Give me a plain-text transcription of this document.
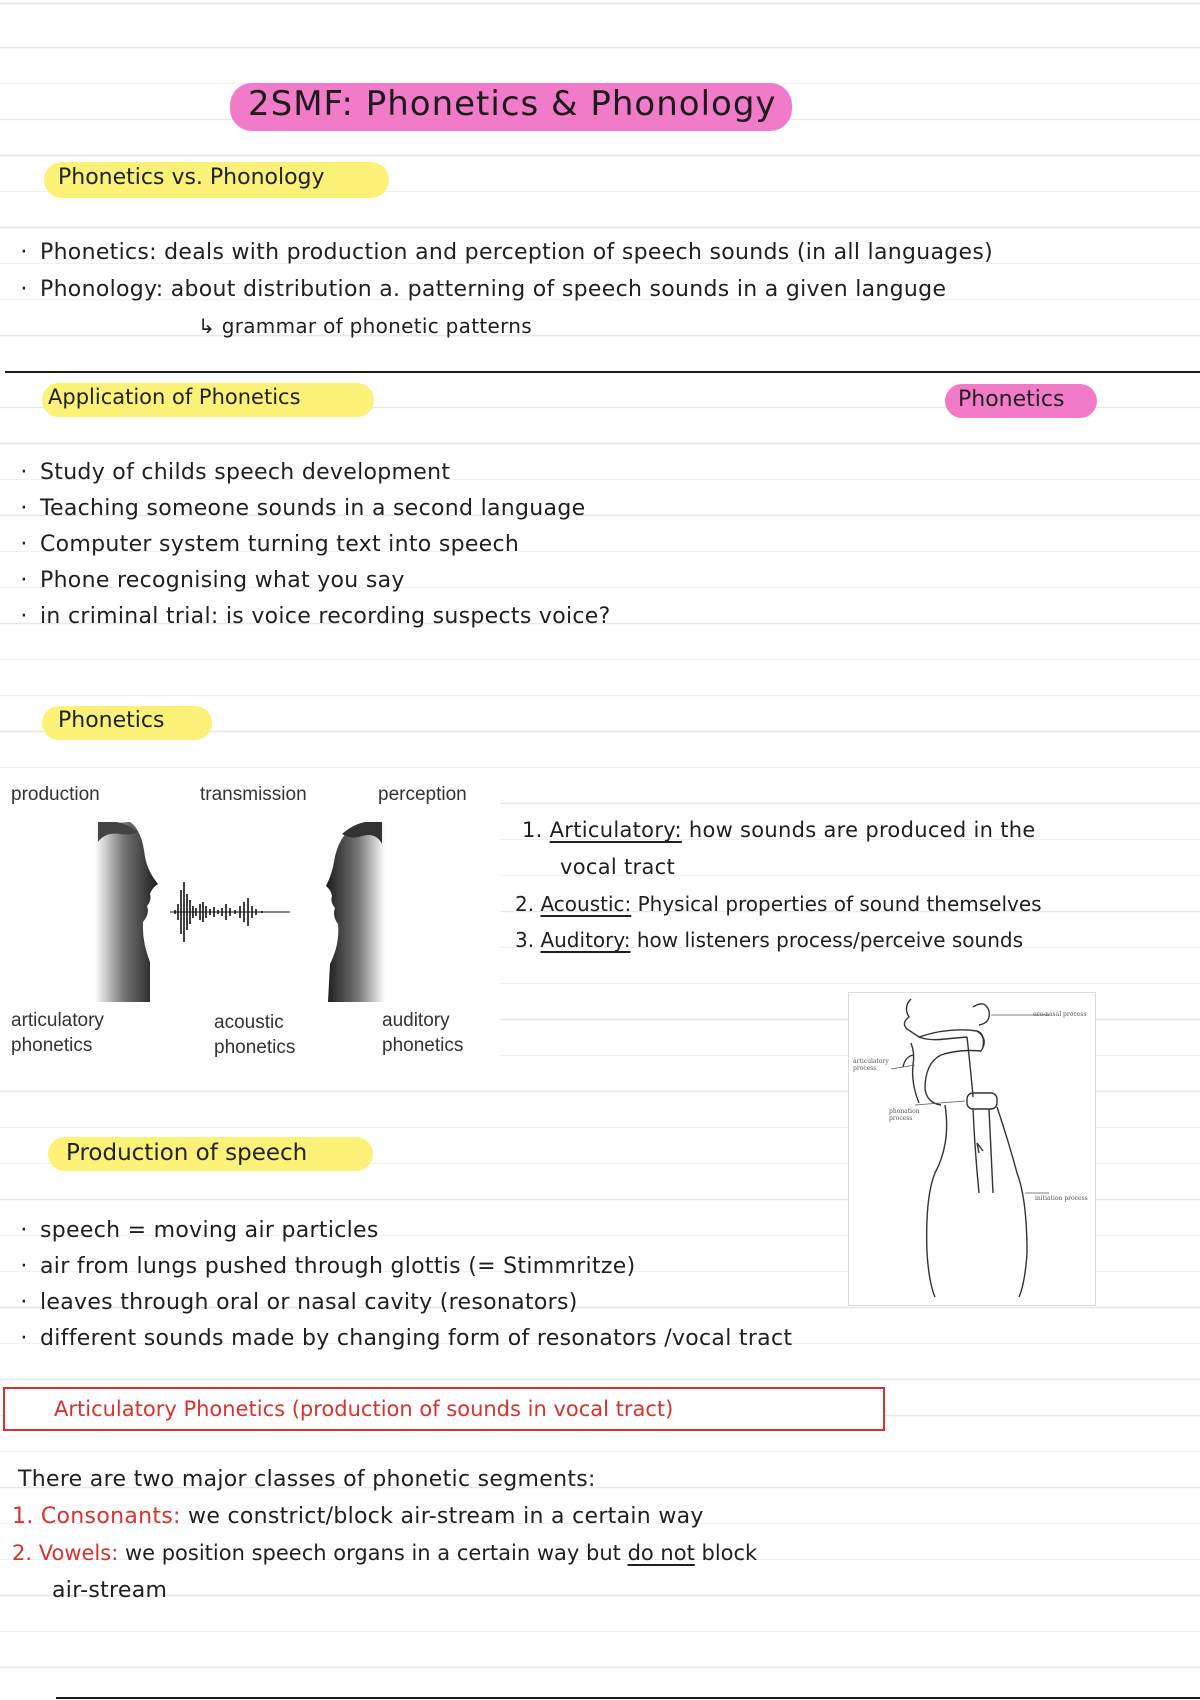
2SMF: Phonetics & Phonology
Phonetics vs. Phonology
· Phonetics: deals with production and perception of speech sounds (in all languages)
· Phonology: about distribution a. patterning of speech sounds in a given languge
↳ grammar of phonetic patterns
Application of Phonetics	Phonetics
· Study of childs speech development
· Teaching someone sounds in a second language
· Computer system turning text into speech
· Phone recognising what you say
· in criminal trial: is voice recording suspects voice?
Phonetics
production	transmission	perception
articulatory
phonetics
acoustic
phonetics
auditory
phonetics
1. Articulatory: how sounds are produced in the
vocal tract
2. Acoustic: Physical properties of sound themselves
3. Auditory: how listeners process/perceive sounds
oro-nasal process
articulatory process
phonation process
initiation process
Production of speech
· speech = moving air particles
· air from lungs pushed through glottis (= Stimmritze)
· leaves through oral or nasal cavity (resonators)
· different sounds made by changing form of resonators /vocal tract
Articulatory Phonetics (production of sounds in vocal tract)
There are two major classes of phonetic segments:
1. Consonants: we constrict/block air-stream in a certain way
2. Vowels: we position speech organs in a certain way but do not block
air-stream
